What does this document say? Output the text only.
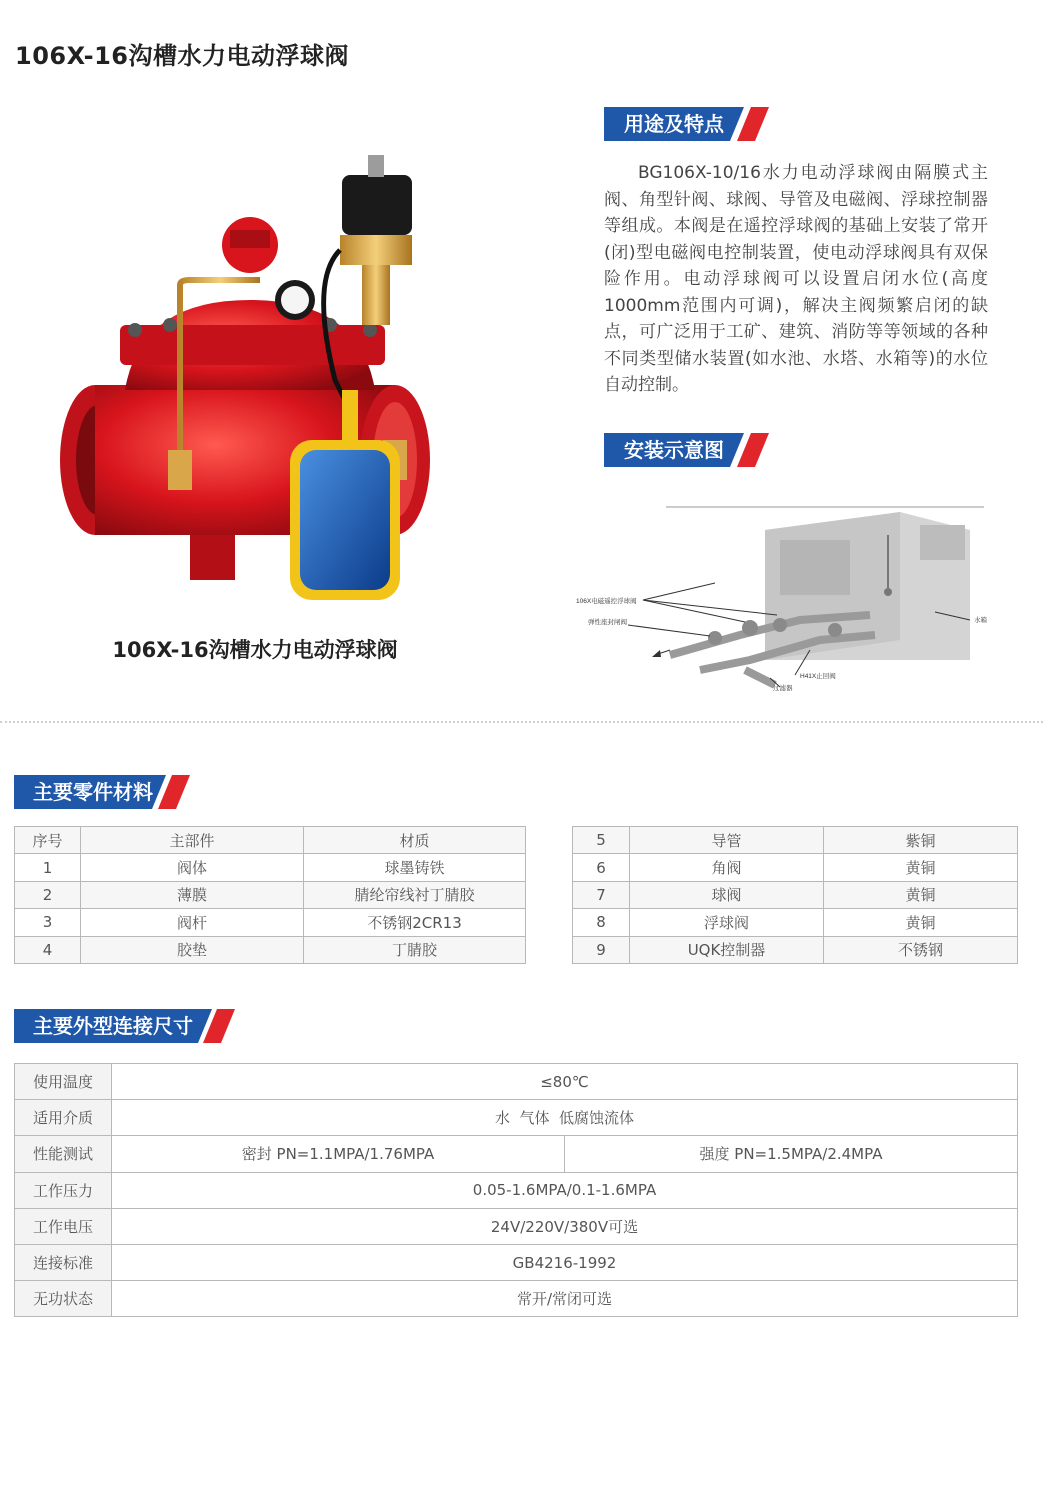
106X-16沟槽水力电动浮球阀
106X-16沟槽水力电动浮球阀
用途及特点
BG106X-10/16水力电动浮球阀由隔膜式主阀、角型针阀、球阀、导管及电磁阀、浮球控制器等组成。本阀是在遥控浮球阀的基础上安装了常开(闭)型电磁阀电控制装置，使电动浮球阀具有双保险作用。电动浮球阀可以设置启闭水位(高度1000mm范围内可调)，解决主阀频繁启闭的缺点，可广泛用于工矿、建筑、消防等等领域的各种不同类型储水装置(如水池、水塔、水箱等)的水位自动控制。
安装示意图
106X电磁遥控浮球阀
弹性座封闸阀
H41X止回阀
过滤器
水箱
主要零件材料
序号	主部件	材质
1	阀体	球墨铸铁
2	薄膜	腈纶帘线衬丁腈胶
3	阀杆	不锈钢2CR13
4	胶垫	丁腈胶
5	导管	紫铜
6	角阀	黄铜
7	球阀	黄铜
8	浮球阀	黄铜
9	UQK控制器	不锈钢
主要外型连接尺寸
使用温度	≤80℃	
适用介质	水  气体  低腐蚀流体	
性能测试	密封 PN=1.1MPA/1.76MPA	强度 PN=1.5MPA/2.4MPA
工作压力	0.05-1.6MPA/0.1-1.6MPA	
工作电压	24V/220V/380V可选	
连接标准	GB4216-1992	
无功状态	常开/常闭可选	
